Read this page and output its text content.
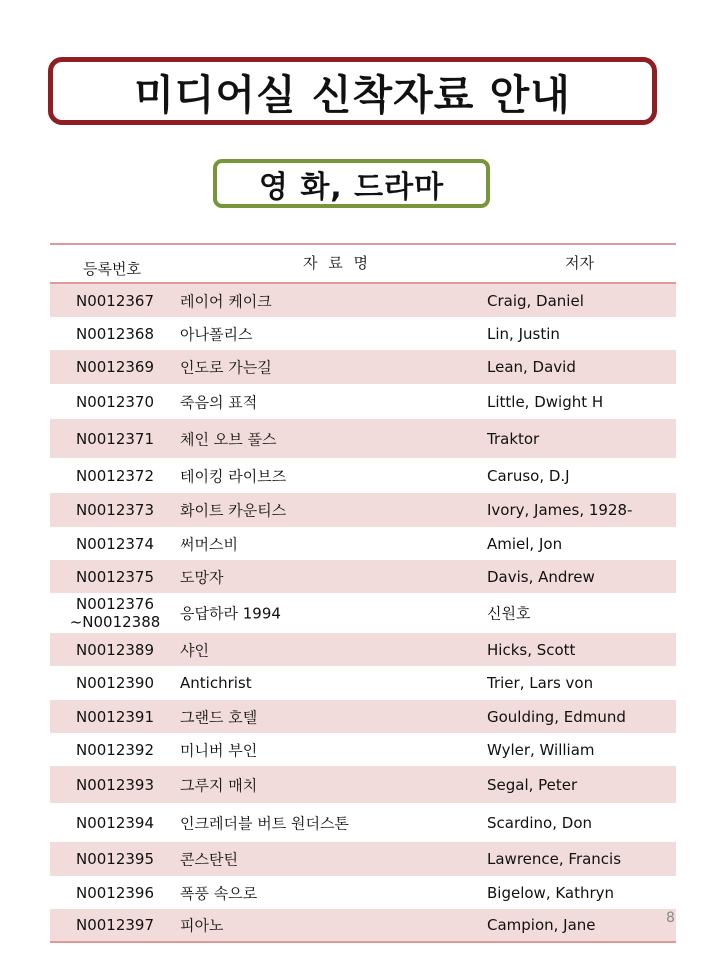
미디어실 신착자료 안내
영 화, 드라마
등록번호	자 료 명	저자
N0012367	레이어 케이크	Craig, Daniel
N0012368	아나폴리스	Lin, Justin
N0012369	인도로 가는길	Lean, David
N0012370	죽음의 표적	Little, Dwight H
N0012371	체인 오브 풀스	Traktor
N0012372	테이킹 라이브즈	Caruso, D.J
N0012373	화이트 카운티스	Ivory, James, 1928-
N0012374	써머스비	Amiel, Jon
N0012375	도망자	Davis, Andrew
N0012376
~N0012388	응답하라 1994	신원호
N0012389	샤인	Hicks, Scott
N0012390	Antichrist	Trier, Lars von
N0012391	그랜드 호텔	Goulding, Edmund
N0012392	미니버 부인	Wyler, William
N0012393	그루지 매치	Segal, Peter
N0012394	인크레더블 버트 원더스톤	Scardino, Don
N0012395	콘스탄틴	Lawrence, Francis
N0012396	폭풍 속으로	Bigelow, Kathryn
N0012397	피아노	Campion, Jane	8
